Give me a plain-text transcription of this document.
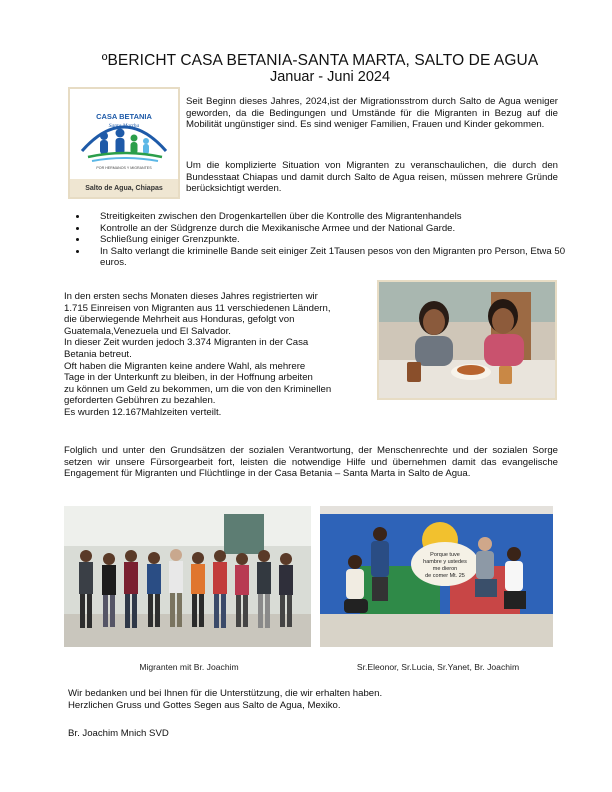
ºBERICHT CASA BETANIA-SANTA MARTA, SALTO DE AGUA
Januar - Juni 2024
CASA BETANIA
Santa Martha
POR HERMANOS Y MIGRANTES
Salto de Agua, Chiapas
Seit Beginn dieses Jahres, 2024,ist der Migrationsstrom durch Salto de Agua weniger geworden, da die Bedingungen und Umstände für die Migranten in Bezug auf die Mobilität ungünstiger sind. Es sind weniger Familien, Frauen und Kinder gekommen.
Um die komplizierte Situation von Migranten zu veranschaulichen, die durch den Bundesstaat Chiapas und damit durch Salto de Agua reisen, müssen mehrere Gründe berücksichtigt werden.
• Streitigkeiten zwischen den Drogenkartellen über die Kontrolle des Migrantenhandels
• Kontrolle an der Südgrenze durch die Mexikanische Armee und der National Garde.
• Schließung einiger Grenzpunkte.
• In Salto verlangt die kriminelle Bande seit einiger Zeit 1Tausen pesos von den Migranten pro Person, Etwa 50 euros.
In den ersten sechs Monaten dieses Jahres registrierten wir
1.715 Einreisen von Migranten aus 11 verschiedenen Ländern,
die überwiegende Mehrheit aus Honduras, gefolgt von
Guatemala,Venezuela und El Salvador.
In dieser Zeit wurden jedoch 3.374 Migranten in der Casa
Betania betreut.
Oft haben die Migranten keine andere Wahl, als mehrere
Tage in der Unterkunft zu bleiben, in der Hoffnung arbeiten
zu können um Geld zu bekommen, um die von den Kriminellen
geforderten Gebühren zu bezahlen.
Es wurden 12.167Mahlzeiten verteilt.
Folglich und unter den Grundsätzen der sozialen Verantwortung, der Menschenrechte und der sozialen Sorge setzen wir unsere Fürsorgearbeit fort, leisten die notwendige Hilfe und übernehmen damit das evangelische Engagement für Migranten und Flüchtlinge in der Casa Betania – Santa Marta in Salto de Agua.
Porque tuve
hambre y ustedes
me dieron
de comer Mt. 25
Migranten mit Br. Joachim	Sr.Eleonor, Sr.Lucia, Sr.Yanet, Br. Joachim
Wir bedanken und bei Ihnen für die Unterstützung, die wir erhalten haben.
Herzlichen Gruss und Gottes Segen aus Salto de Agua, Mexiko.
Br. Joachim Mnich SVD
